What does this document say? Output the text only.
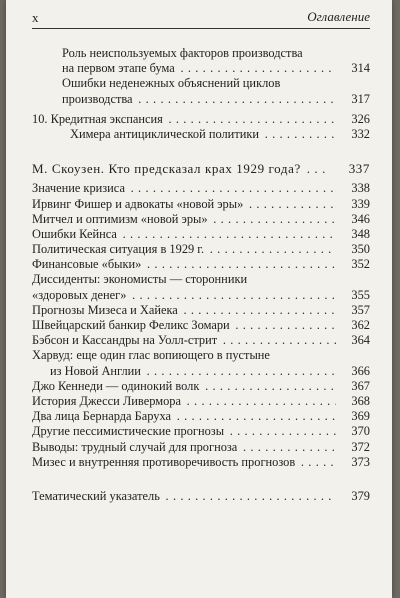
x	Оглавление
Роль неиспользуемых факторов производства
на первом этапе бума . . .	314
Ошибки неденежных объяснений циклов
производства . . .	317
10. Кредитная экспансия . . .	326
Химера антициклической политики . . .	332
М. Скоузен. Кто предсказал крах 1929 года? . . .	337
Значение кризиса . . .	338
Ирвинг Фишер и адвокаты «новой эры» . . .	339
Митчел и оптимизм «новой эры» . . .	346
Ошибки Кейнса . . .	348
Политическая ситуация в 1929 г. . . .	350
Финансовые «быки» . . .	352
Диссиденты: экономисты — сторонники
«здоровых денег» . . .	355
Прогнозы Мизеса и Хайека . . .	357
Швейцарский банкир Феликс Зомари . . .	362
Бэбсон и Кассандры на Уолл-стрит . . .	364
Харвуд: еще один глас вопиющего в пустыне
из Новой Англии . . .	366
Джо Кеннеди — одинокий волк . . .	367
История Джесси Ливермора . . .	368
Два лица Бернарда Баруха . . .	369
Другие пессимистические прогнозы . . .	370
Выводы: трудный случай для прогноза . . .	372
Мизес и внутренняя противоречивость прогнозов . . .	373
Тематический указатель . . .	379
